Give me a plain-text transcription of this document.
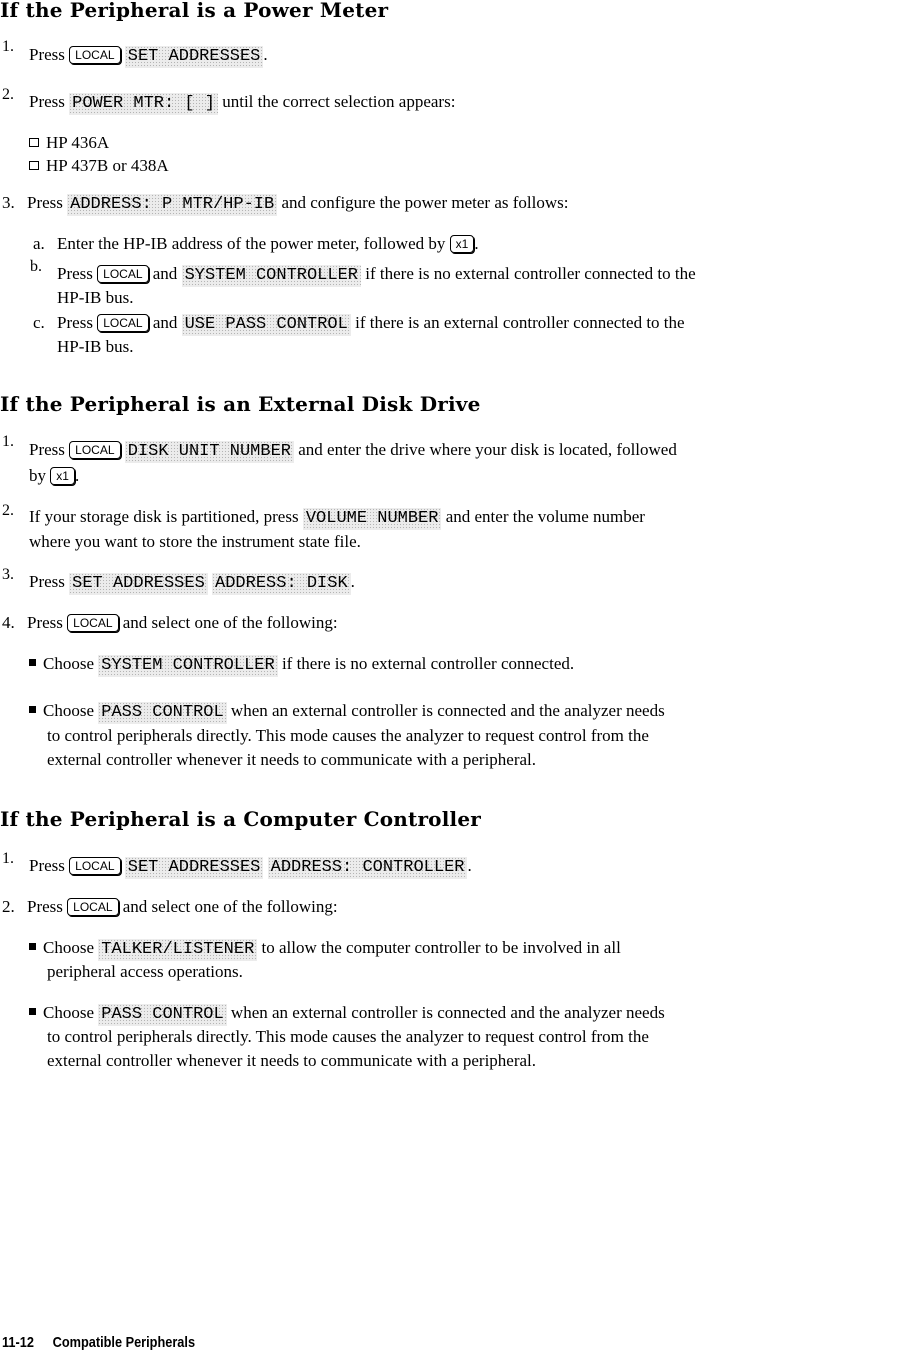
If the Peripheral is a Power Meter
1. Press LOCAL SET ADDRESSES .
2. Press POWER MTR: [ ] until the correct selection appears:
HP 436A
HP 437B or 438A
3. Press ADDRESS: P MTR/HP-IB and configure the power meter as follows:
a. Enter the HP-IB address of the power meter, followed by x1 .
b. Press LOCAL and SYSTEM CONTROLLER if there is no external controller connected to the
HP-IB bus.
c. Press LOCAL and USE PASS CONTROL if there is an external controller connected to the
HP-IB bus.
If the Peripheral is an External Disk Drive
1. Press LOCAL DISK UNIT NUMBER and enter the drive where your disk is located, followed
by x1 .
2. If your storage disk is partitioned, press VOLUME NUMBER and enter the volume number
where you want to store the instrument state file.
3. Press SET ADDRESSES ADDRESS: DISK .
4. Press LOCAL and select one of the following:
Choose SYSTEM CONTROLLER if there is no external controller connected.
Choose PASS CONTROL when an external controller is connected and the analyzer needs
to control peripherals directly. This mode causes the analyzer to request control from the
external controller whenever it needs to communicate with a peripheral.
If the Peripheral is a Computer Controller
1. Press LOCAL SET ADDRESSES ADDRESS: CONTROLLER .
2. Press LOCAL and select one of the following:
Choose TALKER/LISTENER to allow the computer controller to be involved in all
peripheral access operations.
Choose PASS CONTROL when an external controller is connected and the analyzer needs
to control peripherals directly. This mode causes the analyzer to request control from the
external controller whenever it needs to communicate with a peripheral.
11-12 Compatible Peripherals
